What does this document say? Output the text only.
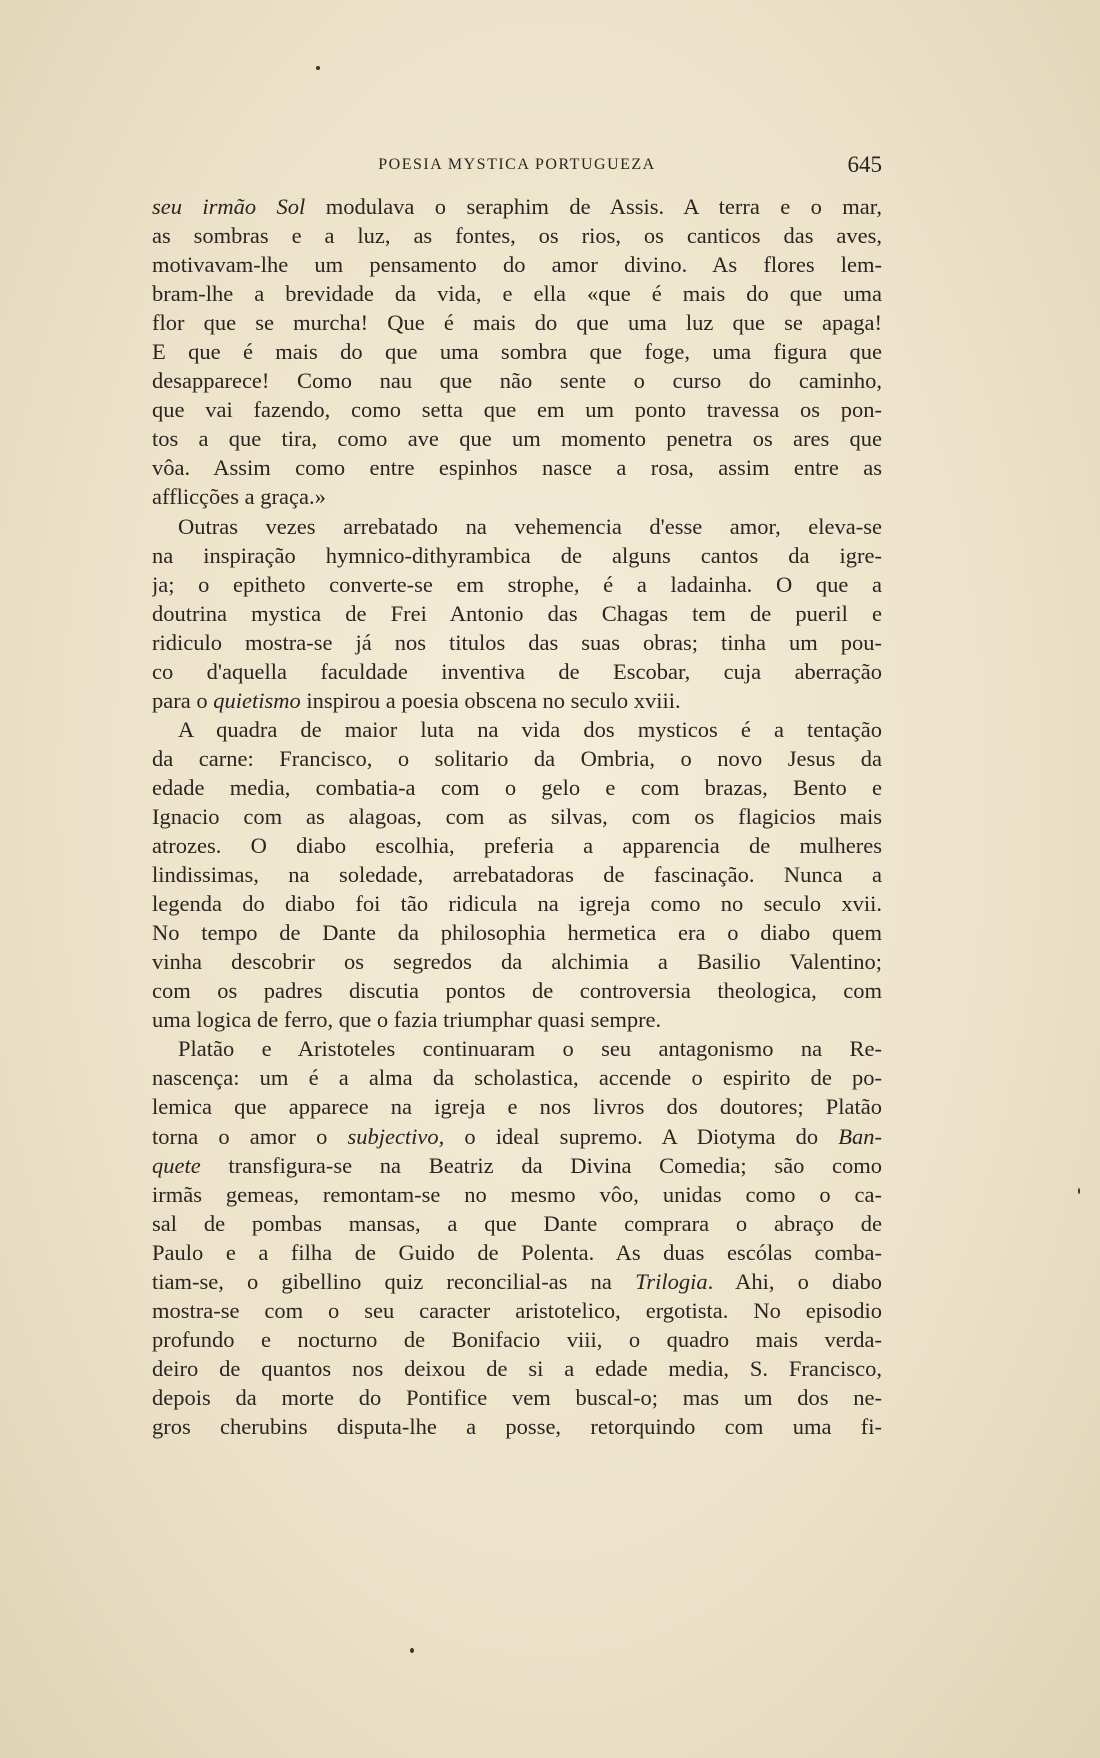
POESIA MYSTICA PORTUGUEZA	645
seu irmão Sol modulava o seraphim de Assis. A terra e o mar,
as sombras e a luz, as fontes, os rios, os canticos das aves,
motivavam-lhe um pensamento do amor divino. As flores lem-
bram-lhe a brevidade da vida, e ella «que é mais do que uma
flor que se murcha! Que é mais do que uma luz que se apaga!
E que é mais do que uma sombra que foge, uma figura que
desapparece! Como nau que não sente o curso do caminho,
que vai fazendo, como setta que em um ponto travessa os pon-
tos a que tira, como ave que um momento penetra os ares que
vôa. Assim como entre espinhos nasce a rosa, assim entre as
afflicções a graça.»
Outras vezes arrebatado na vehemencia d'esse amor, eleva-se
na inspiração hymnico-dithyrambica de alguns cantos da igre-
ja; o epitheto converte-se em strophe, é a ladainha. O que a
doutrina mystica de Frei Antonio das Chagas tem de pueril e
ridiculo mostra-se já nos titulos das suas obras; tinha um pou-
co d'aquella faculdade inventiva de Escobar, cuja aberração
para o quietismo inspirou a poesia obscena no seculo xviii.
A quadra de maior luta na vida dos mysticos é a tentação
da carne: Francisco, o solitario da Ombria, o novo Jesus da
edade media, combatia-a com o gelo e com brazas, Bento e
Ignacio com as alagoas, com as silvas, com os flagicios mais
atrozes. O diabo escolhia, preferia a apparencia de mulheres
lindissimas, na soledade, arrebatadoras de fascinação. Nunca a
legenda do diabo foi tão ridicula na igreja como no seculo xvii.
No tempo de Dante da philosophia hermetica era o diabo quem
vinha descobrir os segredos da alchimia a Basilio Valentino;
com os padres discutia pontos de controversia theologica, com
uma logica de ferro, que o fazia triumphar quasi sempre.
Platão e Aristoteles continuaram o seu antagonismo na Re-
nascença: um é a alma da scholastica, accende o espirito de po-
lemica que apparece na igreja e nos livros dos doutores; Platão
torna o amor o subjectivo, o ideal supremo. A Diotyma do Ban-
quete transfigura-se na Beatriz da Divina Comedia; são como
irmãs gemeas, remontam-se no mesmo vôo, unidas como o ca-
sal de pombas mansas, a que Dante comprara o abraço de
Paulo e a filha de Guido de Polenta. As duas escólas comba-
tiam-se, o gibellino quiz reconcilial-as na Trilogia. Ahi, o diabo
mostra-se com o seu caracter aristotelico, ergotista. No episodio
profundo e nocturno de Bonifacio viii, o quadro mais verda-
deiro de quantos nos deixou de si a edade media, S. Francisco,
depois da morte do Pontifice vem buscal-o; mas um dos ne-
gros cherubins disputa-lhe a posse, retorquindo com uma fi-
